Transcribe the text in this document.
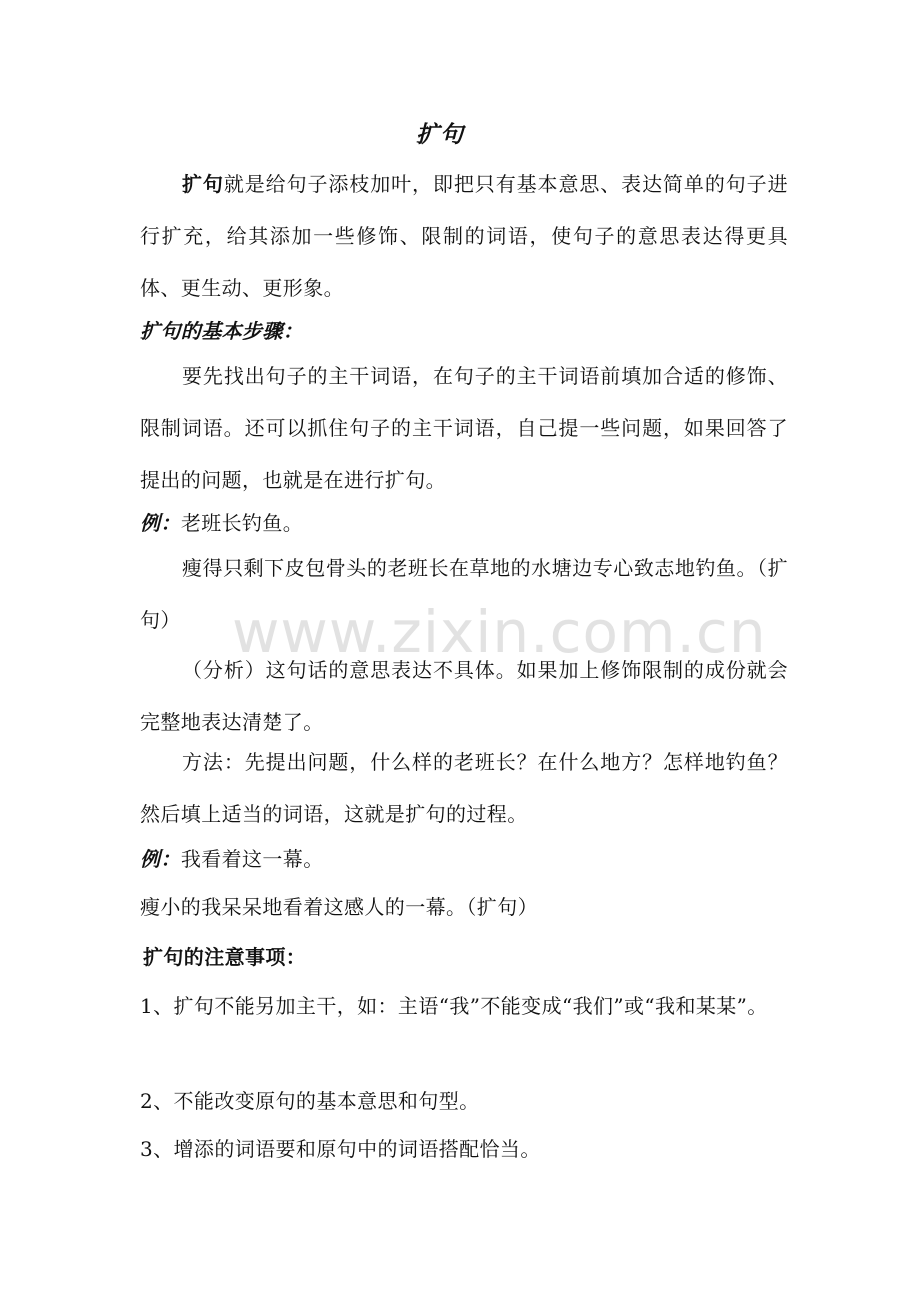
扩句
扩句就是给句子添枝加叶，即把只有基本意思、表达简单的句子进行扩充，给其添加一些修饰、限制的词语，使句子的意思表达得更具体、更生动、更形象。
扩句的基本步骤：
要先找出句子的主干词语，在句子的主干词语前填加合适的修饰、限制词语。还可以抓住句子的主干词语，自己提一些问题，如果回答了提出的问题，也就是在进行扩句。
例：老班长钓鱼。
瘦得只剩下皮包骨头的老班长在草地的水塘边专心致志地钓鱼。（扩句）
（分析）这句话的意思表达不具体。如果加上修饰限制的成份就会完整地表达清楚了。
方法：先提出问题，什么样的老班长？在什么地方？怎样地钓鱼？然后填上适当的词语，这就是扩句的过程。
例：我看着这一幕。
瘦小的我呆呆地看着这感人的一幕。（扩句）
扩句的注意事项：
1、扩句不能另加主干，如：主语“我”不能变成“我们”或“我和某某”。
2、不能改变原句的基本意思和句型。
3、增添的词语要和原句中的词语搭配恰当。
www.zixin.com.cn
